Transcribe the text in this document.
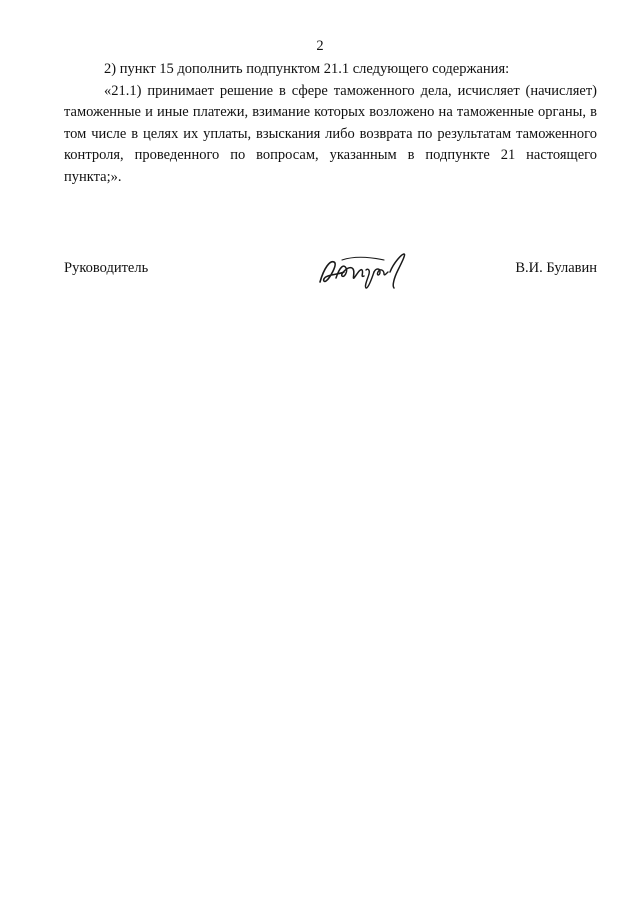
2

2) пункт 15 дополнить подпунктом 21.1 следующего содержания:

«21.1) принимает решение в сфере таможенного дела, исчисляет (начисляет) таможенные и иные платежи, взимание которых возложено на таможенные органы, в том числе в целях их уплаты, взыскания либо возврата по результатам таможенного контроля, проведенного по вопросам, указанным в подпункте 21 настоящего пункта;».

Руководитель	В.И. Булавин
